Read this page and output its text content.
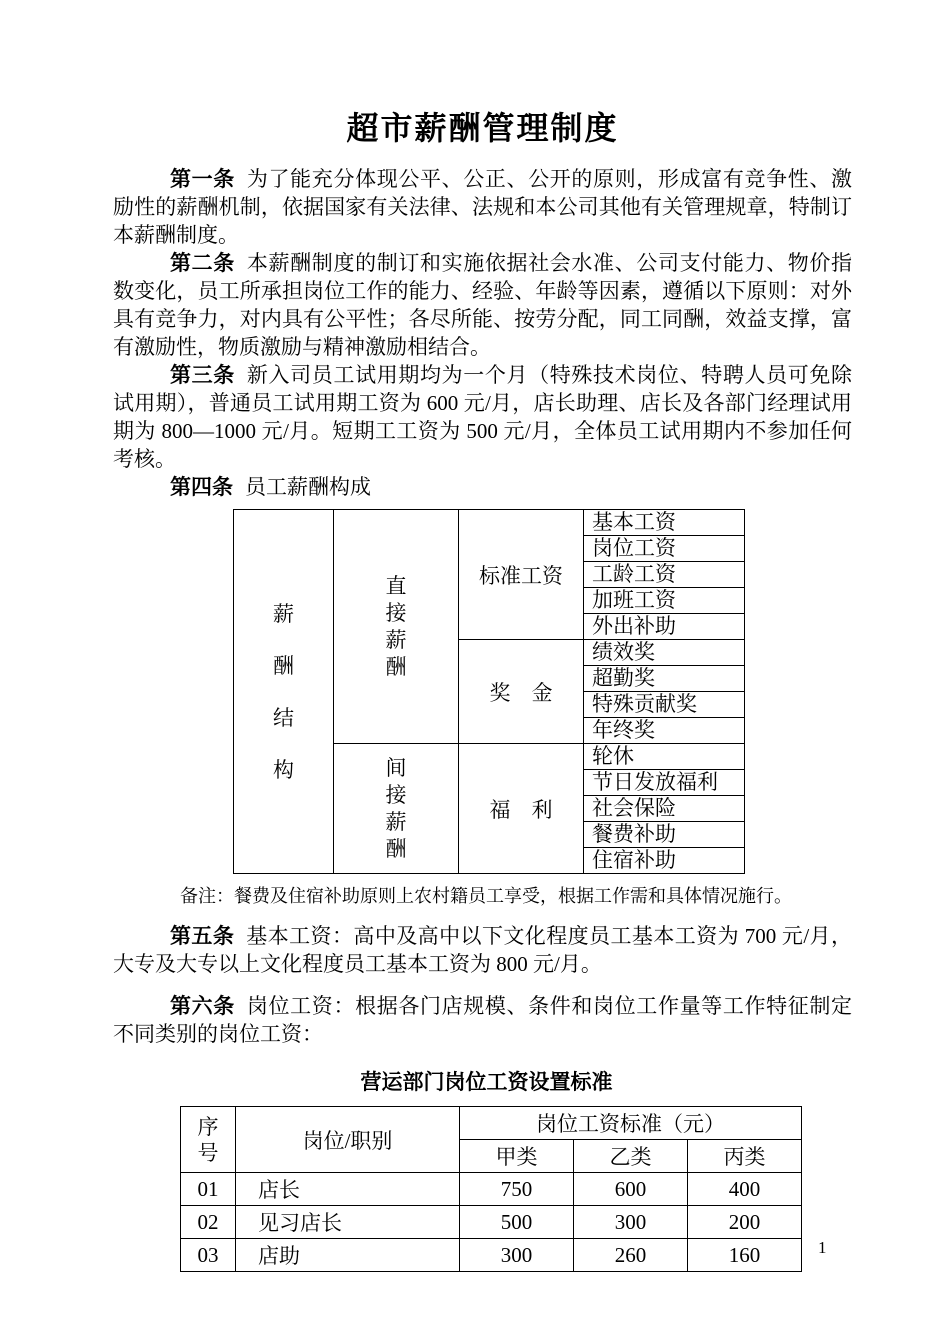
超市薪酬管理制度

第一条 为了能充分体现公平、公正、公开的原则，形成富有竞争性、激励性的薪酬机制，依据国家有关法律、法规和本公司其他有关管理规章，特制订本薪酬制度。

第二条 本薪酬制度的制订和实施依据社会水准、公司支付能力、物价指数变化，员工所承担岗位工作的能力、经验、年龄等因素，遵循以下原则：对外具有竞争力，对内具有公平性；各尽所能、按劳分配，同工同酬，效益支撑，富有激励性，物质激励与精神激励相结合。

第三条 新入司员工试用期均为一个月（特殊技术岗位、特聘人员可免除试用期），普通员工试用期工资为 600 元/月，店长助理、店长及各部门经理试用期为 800—1000 元/月。短期工工资为 500 元/月，全体员工试用期内不参加任何考核。

第四条 员工薪酬构成

薪酬结构	直接薪酬	标准工资	基本工资
			岗位工资
			工龄工资
			加班工资
			外出补助
		奖　金	绩效奖
			超勤奖
			特殊贡献奖
			年终奖

	间接薪酬	福　利	轮休
			节日发放福利
			社会保险
			餐费补助
			住宿补助

备注：餐费及住宿补助原则上农村籍员工享受，根据工作需和具体情况施行。

第五条 基本工资：高中及高中以下文化程度员工基本工资为 700 元/月，大专及大专以上文化程度员工基本工资为 800 元/月。

第六条 岗位工资：根据各门店规模、条件和岗位工作量等工作特征制定不同类别的岗位工资：

营运部门岗位工资设置标准
序号	岗位/职别	岗位工资标准（元）		
		甲类	乙类	丙类
01	店长	750	600	400
02	见习店长	500	300	200
03	店助	300	260	160	1
